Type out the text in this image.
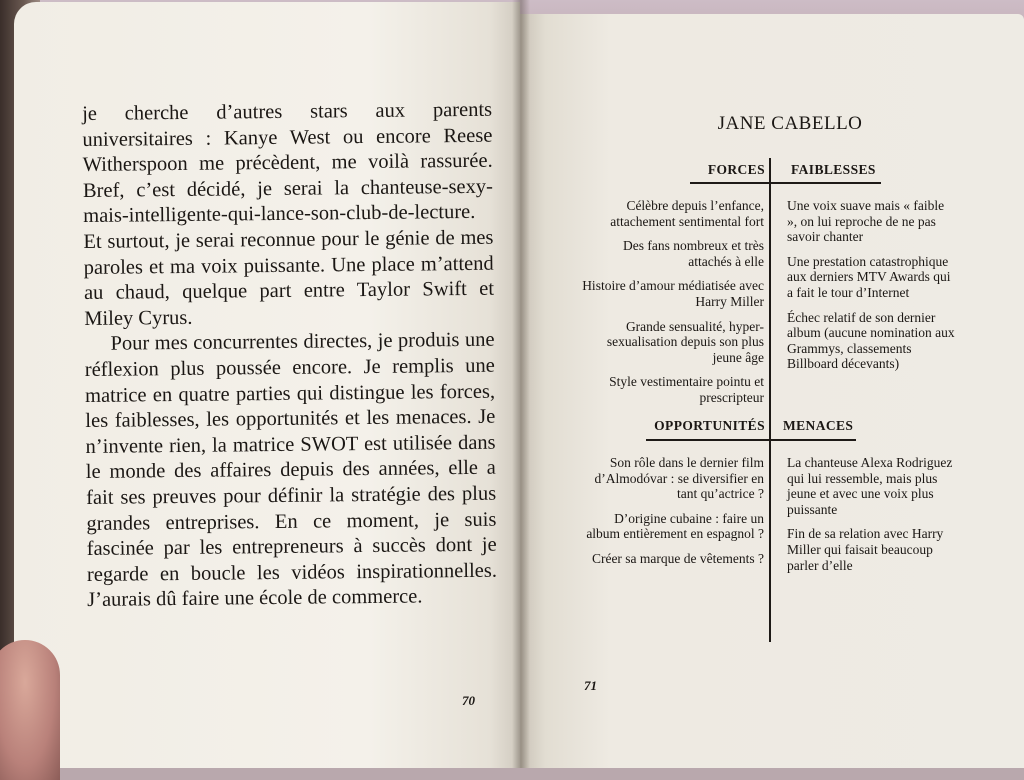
je cherche d’autres stars aux parents universitaires : Kanye West ou encore Reese Witherspoon me précèdent, me voilà rassurée. Bref, c’est décidé, je serai la chanteuse-sexy-mais-intelligente-qui-lance-son-club-de-lecture. Et surtout, je serai reconnue pour le génie de mes paroles et ma voix puissante. Une place m’attend au chaud, quelque part entre Taylor Swift et Miley Cyrus.

Pour mes concurrentes directes, je produis une réflexion plus poussée encore. Je remplis une matrice en quatre parties qui distingue les forces, les faiblesses, les opportunités et les menaces. Je n’invente rien, la matrice SWOT est utilisée dans le monde des affaires depuis des années, elle a fait ses preuves pour définir la stratégie des plus grandes entreprises. En ce moment, je suis fascinée par les entrepreneurs à succès dont je regarde en boucle les vidéos inspirationnelles. J’aurais dû faire une école de commerce.

70
JANE CABELLO
FORCES FAIBLESSES
OPPORTUNITÉS MENACES
Célèbre depuis l’enfance, attachement sentimental fort
Des fans nombreux et très attachés à elle
Histoire d’amour médiatisée avec Harry Miller
Grande sensualité, hyper-sexualisation depuis son plus jeune âge
Style vestimentaire pointu et prescripteur
Une voix suave mais « faible », on lui reproche de ne pas savoir chanter
Une prestation catastrophique aux derniers MTV Awards qui a fait le tour d’Internet
Échec relatif de son dernier album (aucune nomination aux Grammys, classements Billboard décevants)
Son rôle dans le dernier film d’Almodóvar : se diversifier en tant qu’actrice ?
D’origine cubaine : faire un album entièrement en espagnol ?
Créer sa marque de vêtements ?
La chanteuse Alexa Rodriguez qui lui ressemble, mais plus jeune et avec une voix plus puissante
Fin de sa relation avec Harry Miller qui faisait beaucoup parler d’elle
71
